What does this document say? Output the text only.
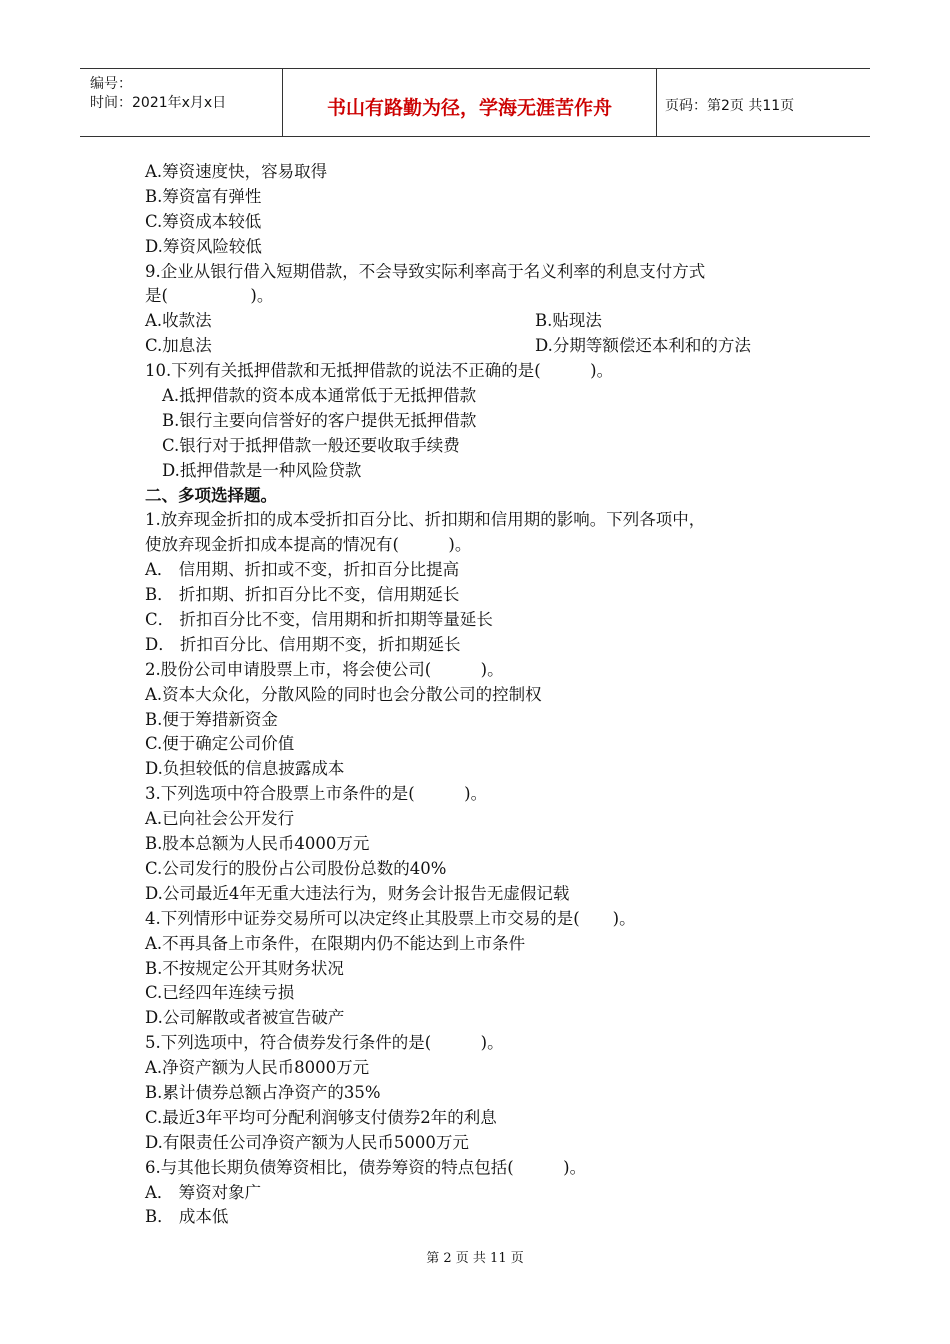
编号：
时间：2021年x月x日	书山有路勤为径，学海无涯苦作舟	页码：第2页 共11页
A.筹资速度快，容易取得
B.筹资富有弹性
C.筹资成本较低
D.筹资风险较低
9.企业从银行借入短期借款，不会导致实际利率高于名义利率的利息支付方式
是(　　　　　)。
A.收款法	B.贴现法
C.加息法	D.分期等额偿还本利和的方法
10.下列有关抵押借款和无抵押借款的说法不正确的是(　　　)。
A.抵押借款的资本成本通常低于无抵押借款
B.银行主要向信誉好的客户提供无抵押借款
C.银行对于抵押借款一般还要收取手续费
D.抵押借款是一种风险贷款
二、多项选择题。
1.放弃现金折扣的成本受折扣百分比、折扣期和信用期的影响。下列各项中，
使放弃现金折扣成本提高的情况有(　　　)。
A． 信用期、折扣或不变，折扣百分比提高
B． 折扣期、折扣百分比不变，信用期延长
C． 折扣百分比不变，信用期和折扣期等量延长
D． 折扣百分比、信用期不变，折扣期延长
2.股份公司申请股票上市，将会使公司(　　　)。
A.资本大众化，分散风险的同时也会分散公司的控制权
B.便于筹措新资金
C.便于确定公司价值
D.负担较低的信息披露成本
3.下列选项中符合股票上市条件的是(　　　)。
A.已向社会公开发行
B.股本总额为人民币4000万元
C.公司发行的股份占公司股份总数的40%
D.公司最近4年无重大违法行为，财务会计报告无虚假记载
4.下列情形中证券交易所可以决定终止其股票上市交易的是(　　)。
A.不再具备上市条件，在限期内仍不能达到上市条件
B.不按规定公开其财务状况
C.已经四年连续亏损
D.公司解散或者被宣告破产
5.下列选项中，符合债券发行条件的是(　　　)。
A.净资产额为人民币8000万元
B.累计债券总额占净资产的35%
C.最近3年平均可分配利润够支付债券2年的利息
D.有限责任公司净资产额为人民币5000万元
6.与其他长期负债筹资相比，债券筹资的特点包括(　　　)。
A． 筹资对象广
B． 成本低
第 2 页 共 11 页
